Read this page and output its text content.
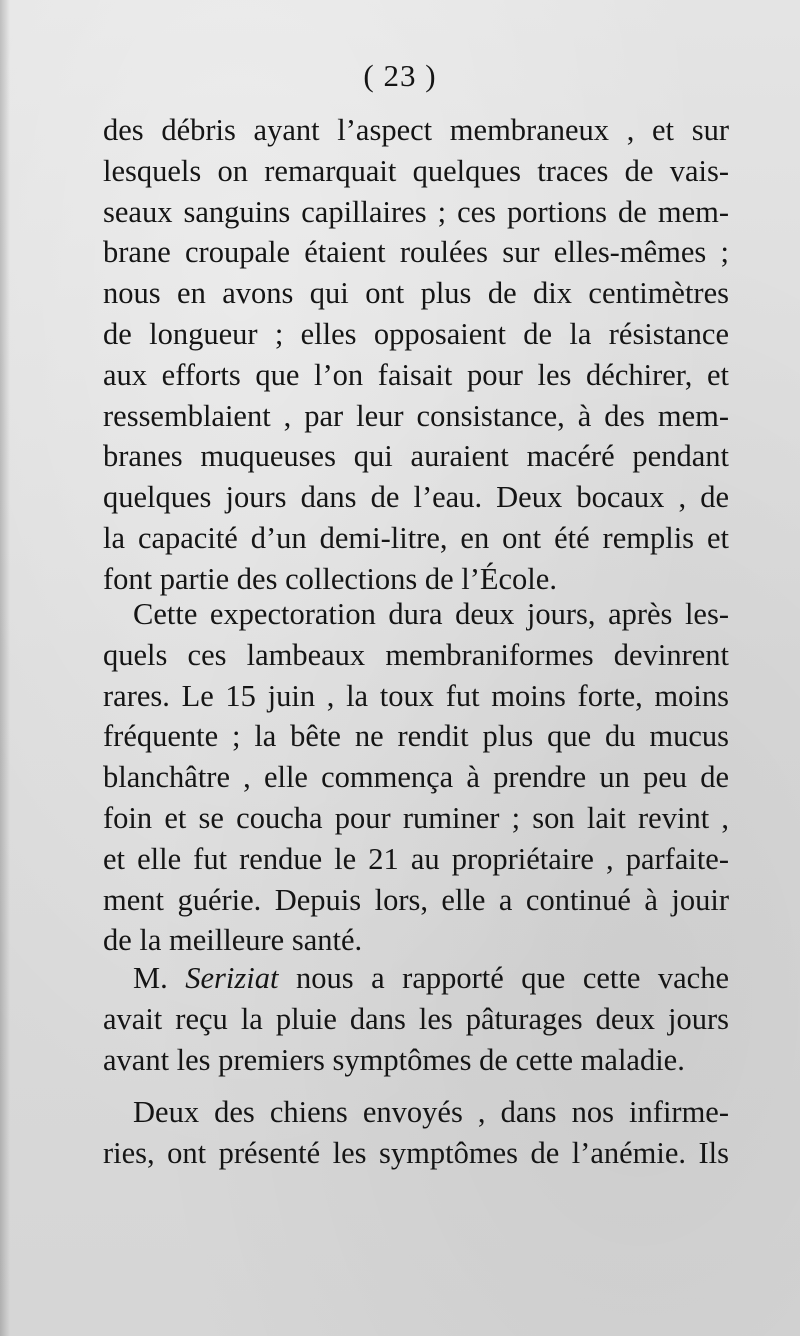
( 23 )
des débris ayant l’aspect membraneux , et sur
lesquels on remarquait quelques traces de vais-
seaux sanguins capillaires ; ces portions de mem-
brane croupale étaient roulées sur elles-mêmes ;
nous en avons qui ont plus de dix centimètres
de longueur ; elles opposaient de la résistance
aux efforts que l’on faisait pour les déchirer, et
ressemblaient , par leur consistance, à des mem-
branes muqueuses qui auraient macéré pendant
quelques jours dans de l’eau. Deux bocaux , de
la capacité d’un demi-litre, en ont été remplis et
font partie des collections de l’École.
Cette expectoration dura deux jours, après les-
quels ces lambeaux membraniformes devinrent
rares. Le 15 juin , la toux fut moins forte, moins
fréquente ; la bête ne rendit plus que du mucus
blanchâtre , elle commença à prendre un peu de
foin et se coucha pour ruminer ; son lait revint ,
et elle fut rendue le 21 au propriétaire , parfaite-
ment guérie. Depuis lors, elle a continué à jouir
de la meilleure santé.
M. Seriziat nous a rapporté que cette vache
avait reçu la pluie dans les pâturages deux jours
avant les premiers symptômes de cette maladie.
Deux des chiens envoyés , dans nos infirme-
ries, ont présenté les symptômes de l’anémie. Ils
